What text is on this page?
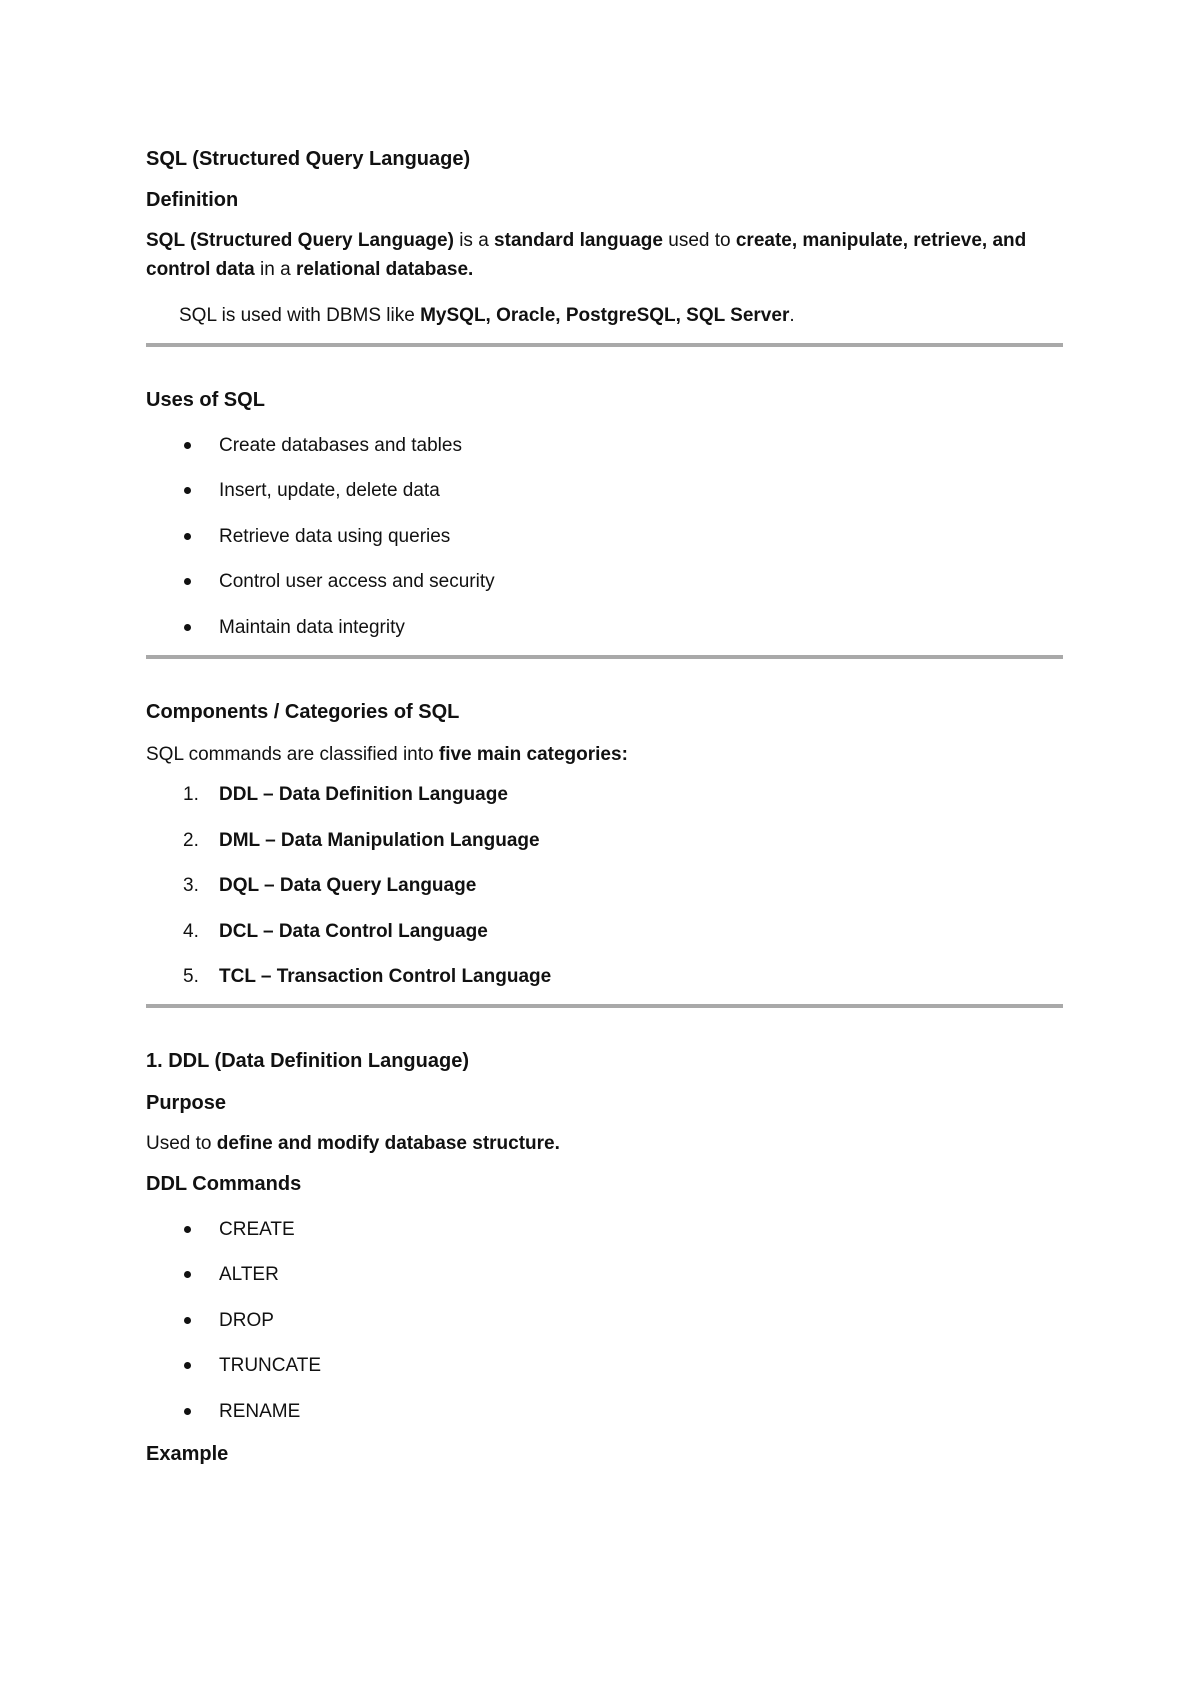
SQL (Structured Query Language)

Definition

SQL (Structured Query Language) is a standard language used to create, manipulate, retrieve, and control data in a relational database.

SQL is used with DBMS like MySQL, Oracle, PostgreSQL, SQL Server.

Uses of SQL

Create databases and tables
Insert, update, delete data
Retrieve data using queries
Control user access and security
Maintain data integrity

Components / Categories of SQL

SQL commands are classified into five main categories:

1. DDL – Data Definition Language
2. DML – Data Manipulation Language
3. DQL – Data Query Language
4. DCL – Data Control Language
5. TCL – Transaction Control Language

1. DDL (Data Definition Language)

Purpose

Used to define and modify database structure.

DDL Commands

CREATE
ALTER
DROP
TRUNCATE
RENAME

Example
